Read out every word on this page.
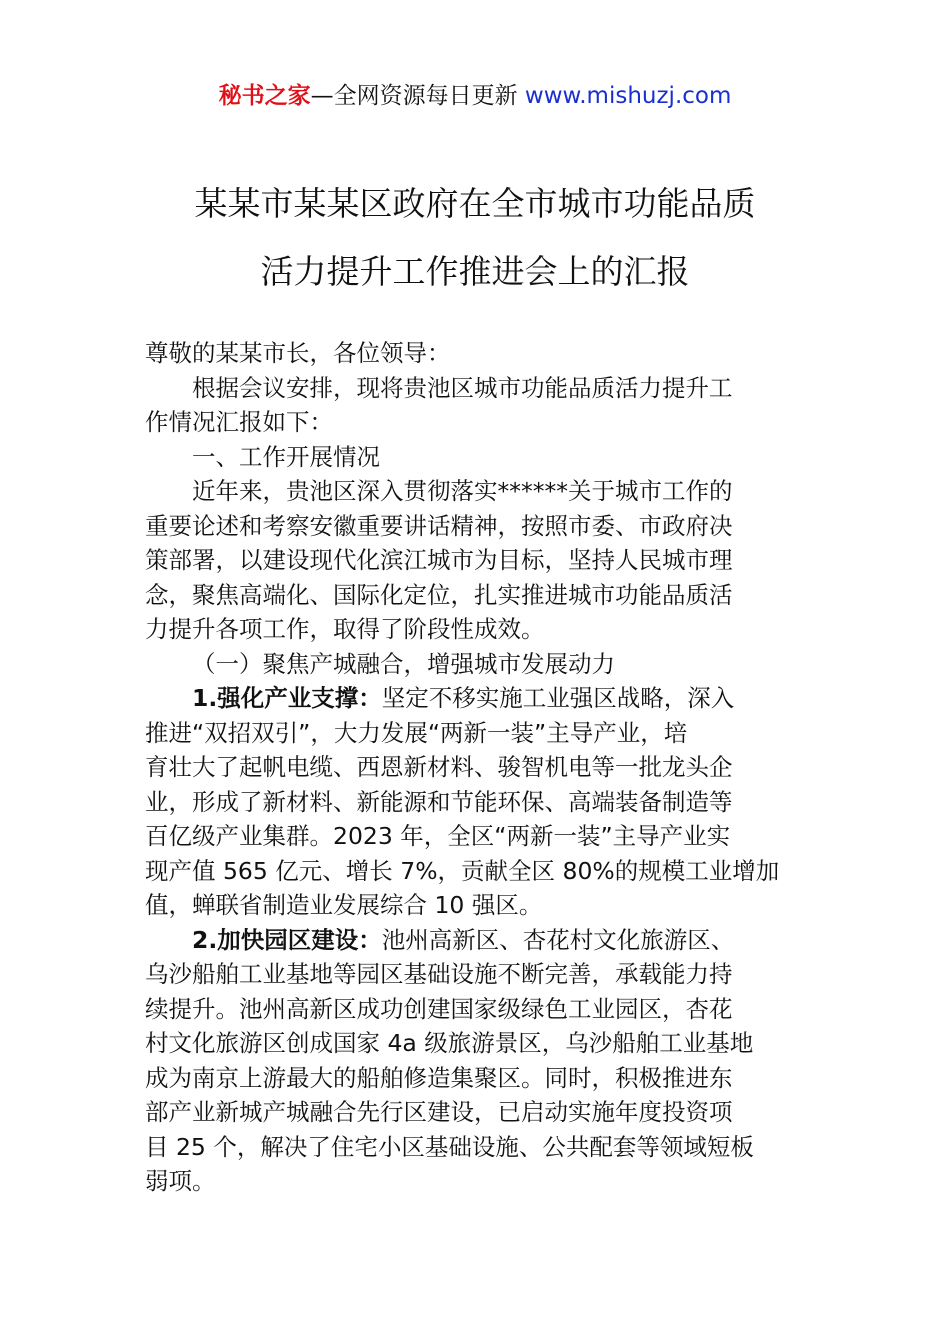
秘书之家—全网资源每日更新 www.mishuzj.com
某某市某某区政府在全市城市功能品质
活力提升工作推进会上的汇报

尊敬的某某市长，各位领导：

根据会议安排，现将贵池区城市功能品质活力提升工

作情况汇报如下：

一、工作开展情况

近年来，贵池区深入贯彻落实******关于城市工作的

重要论述和考察安徽重要讲话精神，按照市委、市政府决

策部署，以建设现代化滨江城市为目标，坚持人民城市理

念，聚焦高端化、国际化定位，扎实推进城市功能品质活

力提升各项工作，取得了阶段性成效。

（一）聚焦产城融合，增强城市发展动力

1.强化产业支撑：坚定不移实施工业强区战略，深入

推进“双招双引”，大力发展“两新一装”主导产业，培

育壮大了起帆电缆、西恩新材料、骏智机电等一批龙头企

业，形成了新材料、新能源和节能环保、高端装备制造等

百亿级产业集群。2023 年，全区“两新一装”主导产业实

现产值 565 亿元、增长 7%，贡献全区 80%的规模工业增加

值，蝉联省制造业发展综合 10 强区。

2.加快园区建设：池州高新区、杏花村文化旅游区、

乌沙船舶工业基地等园区基础设施不断完善，承载能力持

续提升。池州高新区成功创建国家级绿色工业园区，杏花

村文化旅游区创成国家 4a 级旅游景区，乌沙船舶工业基地

成为南京上游最大的船舶修造集聚区。同时，积极推进东

部产业新城产城融合先行区建设，已启动实施年度投资项

目 25 个，解决了住宅小区基础设施、公共配套等领域短板

弱项。
